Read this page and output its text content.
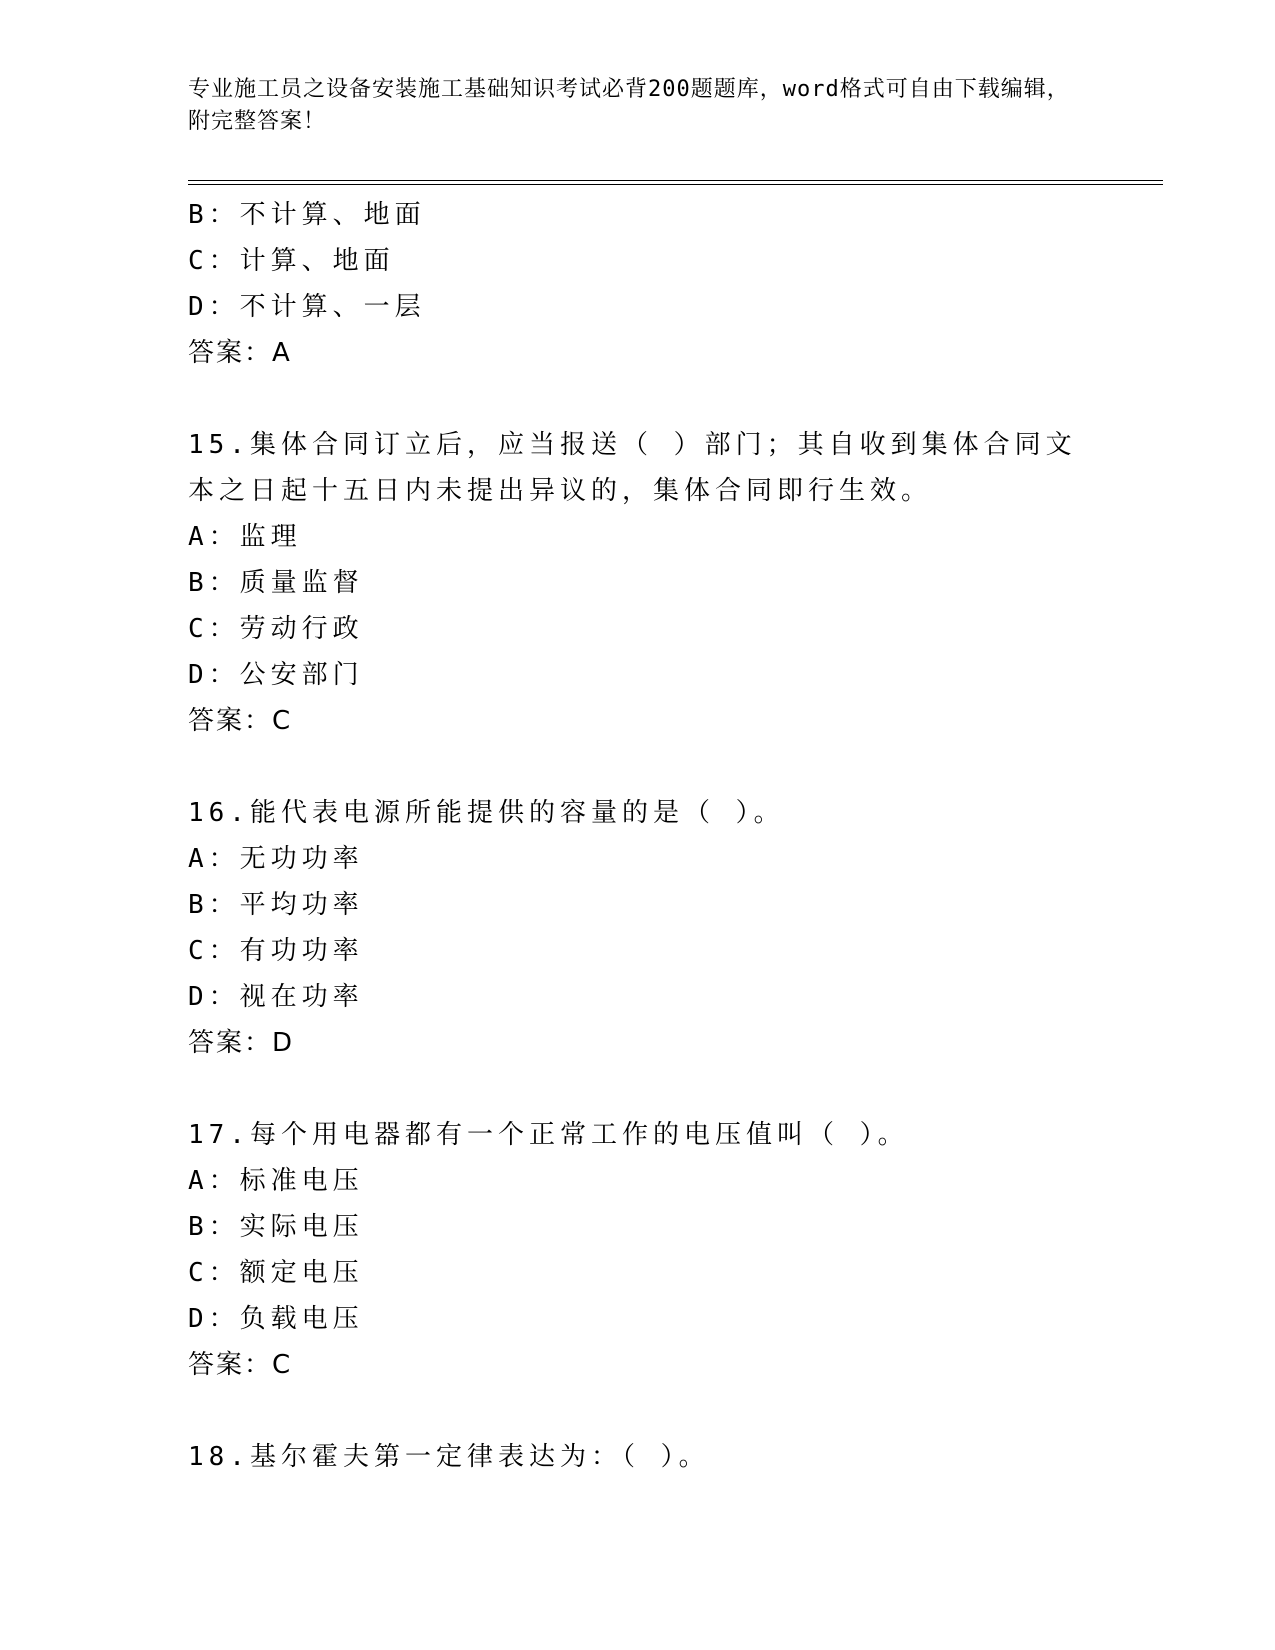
专业施工员之设备安装施工基础知识考试必背200题题库，word格式可自由下载编辑，附完整答案！
B：不计算、地面
C：计算、地面
D：不计算、一层
答案：A
15.集体合同订立后，应当报送（ ）部门；其自收到集体合同文本之日起十五日内未提出异议的，集体合同即行生效。
A：监理
B：质量监督
C：劳动行政
D：公安部门
答案：C
16.能代表电源所能提供的容量的是（ ）。
A：无功功率
B：平均功率
C：有功功率
D：视在功率
答案：D
17.每个用电器都有一个正常工作的电压值叫（ ）。
A：标准电压
B：实际电压
C：额定电压
D：负载电压
答案：C
18.基尔霍夫第一定律表达为：（ ）。
